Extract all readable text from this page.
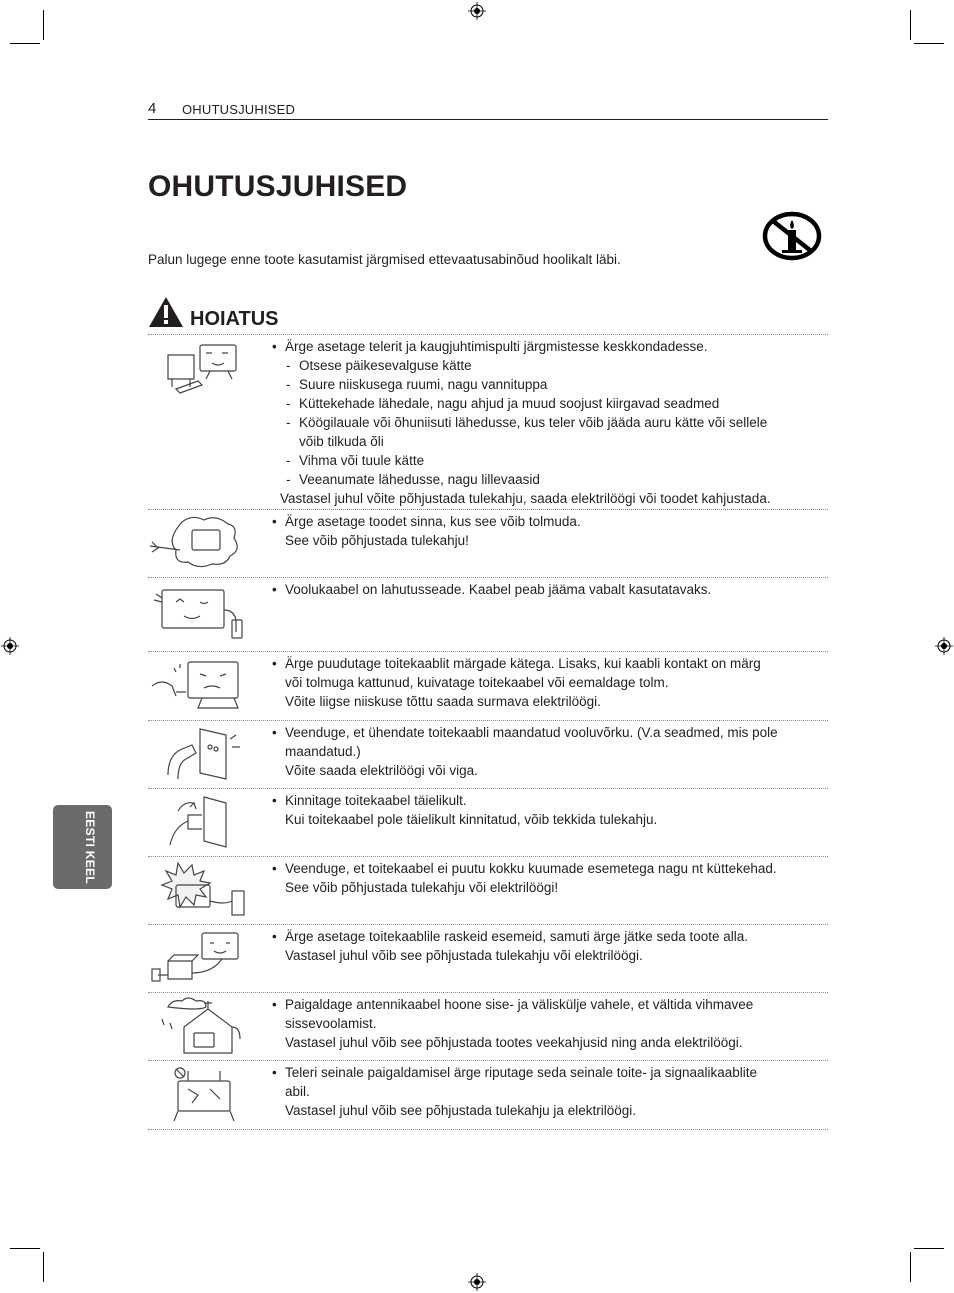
4 OHUTUSJUHISED
OHUTUSJUHISED
Palun lugege enne toote kasutamist järgmised ettevaatusabinõud hoolikalt läbi.
HOIATUS
• Ärge asetage telerit ja kaugjuhtimispulti järgmistesse keskkondadesse.
- Otsese päikesevalguse kätte
- Suure niiskusega ruumi, nagu vannituppa
- Küttekehade lähedale, nagu ahjud ja muud soojust kiirgavad seadmed
- Köögilauale või õhuniisuti lähedusse, kus teler võib jääda auru kätte või sellele
võib tilkuda õli
- Vihma või tuule kätte
- Veeanumate lähedusse, nagu lillevaasid
Vastasel juhul võite põhjustada tulekahju, saada elektrilöögi või toodet kahjustada.
• Ärge asetage toodet sinna, kus see võib tolmuda.
See võib põhjustada tulekahju!
• Voolukaabel on lahutusseade. Kaabel peab jääma vabalt kasutatavaks.
• Ärge puudutage toitekaablit märgade kätega. Lisaks, kui kaabli kontakt on märg
või tolmuga kattunud, kuivatage toitekaabel või eemaldage tolm.
Võite liigse niiskuse tõttu saada surmava elektrilöögi.
• Veenduge, et ühendate toitekaabli maandatud vooluvõrku. (V.a seadmed, mis pole
maandatud.)
Võite saada elektrilöögi või viga.
• Kinnitage toitekaabel täielikult.
Kui toitekaabel pole täielikult kinnitatud, võib tekkida tulekahju.
• Veenduge, et toitekaabel ei puutu kokku kuumade esemetega nagu nt küttekehad.
See võib põhjustada tulekahju või elektrilöögi!
• Ärge asetage toitekaablile raskeid esemeid, samuti ärge jätke seda toote alla.
Vastasel juhul võib see põhjustada tulekahju või elektrilöögi.
• Paigaldage antennikaabel hoone sise- ja väliskülje vahele, et vältida vihmavee
sissevoolamist.
Vastasel juhul võib see põhjustada tootes veekahjusid ning anda elektrilöögi.
• Teleri seinale paigaldamisel ärge riputage seda seinale toite- ja signaalikaablite
abil.
Vastasel juhul võib see põhjustada tulekahju ja elektrilöögi.
EESTI KEEL
